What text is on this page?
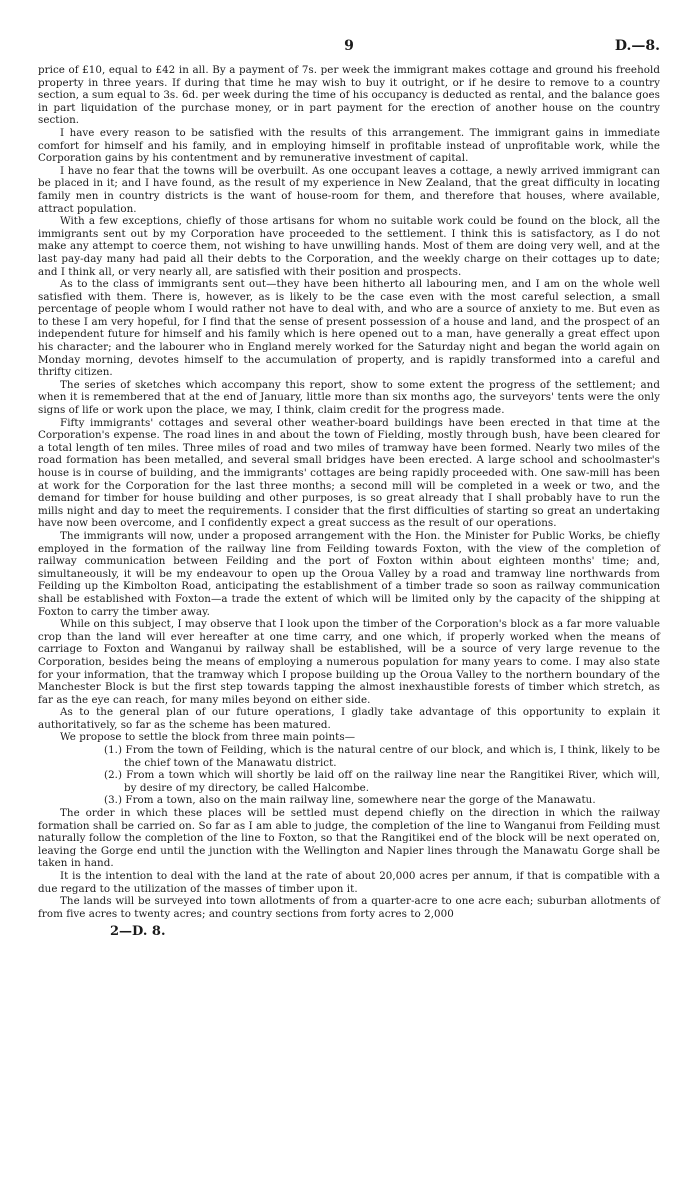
9	D.—8.

price of £10, equal to £42 in all. By a payment of 7s. per week the immigrant makes cottage and ground his freehold property in three years. If during that time he may wish to buy it outright, or if he desire to remove to a country section, a sum equal to 3s. 6d. per week during the time of his occupancy is deducted as rental, and the balance goes in part liquidation of the purchase money, or in part payment for the erection of another house on the country section.

I have every reason to be satisfied with the results of this arrangement. The immigrant gains in immediate comfort for himself and his family, and in employing himself in profitable instead of unprofitable work, while the Corporation gains by his contentment and by remunerative investment of capital.

I have no fear that the towns will be overbuilt. As one occupant leaves a cottage, a newly arrived immigrant can be placed in it; and I have found, as the result of my experience in New Zealand, that the great difficulty in locating family men in country districts is the want of house-room for them, and therefore that houses, where available, attract population.

With a few exceptions, chiefly of those artisans for whom no suitable work could be found on the block, all the immigrants sent out by my Corporation have proceeded to the settlement. I think this is satisfactory, as I do not make any attempt to coerce them, not wishing to have unwilling hands. Most of them are doing very well, and at the last pay-day many had paid all their debts to the Corporation, and the weekly charge on their cottages up to date; and I think all, or very nearly all, are satisfied with their position and prospects.

As to the class of immigrants sent out—they have been hitherto all labouring men, and I am on the whole well satisfied with them. There is, however, as is likely to be the case even with the most careful selection, a small percentage of people whom I would rather not have to deal with, and who are a source of anxiety to me. But even as to these I am very hopeful, for I find that the sense of present possession of a house and land, and the prospect of an independent future for himself and his family which is here opened out to a man, have generally a great effect upon his character; and the labourer who in England merely worked for the Saturday night and began the world again on Monday morning, devotes himself to the accumulation of property, and is rapidly transformed into a careful and thrifty citizen.

The series of sketches which accompany this report, show to some extent the progress of the settlement; and when it is remembered that at the end of January, little more than six months ago, the surveyors' tents were the only signs of life or work upon the place, we may, I think, claim credit for the progress made.

Fifty immigrants' cottages and several other weather-board buildings have been erected in that time at the Corporation's expense. The road lines in and about the town of Fielding, mostly through bush, have been cleared for a total length of ten miles. Three miles of road and two miles of tramway have been formed. Nearly two miles of the road formation has been metalled, and several small bridges have been erected. A large school and schoolmaster's house is in course of building, and the immigrants' cottages are being rapidly proceeded with. One saw-mill has been at work for the Corporation for the last three months; a second mill will be completed in a week or two, and the demand for timber for house building and other purposes, is so great already that I shall probably have to run the mills night and day to meet the requirements. I consider that the first difficulties of starting so great an undertaking have now been overcome, and I confidently expect a great success as the result of our operations.

The immigrants will now, under a proposed arrangement with the Hon. the Minister for Public Works, be chiefly employed in the formation of the railway line from Feilding towards Foxton, with the view of the completion of railway communication between Feilding and the port of Foxton within about eighteen months' time; and, simultaneously, it will be my endeavour to open up the Oroua Valley by a road and tramway line northwards from Feilding up the Kimbolton Road, anticipating the establishment of a timber trade so soon as railway communication shall be established with Foxton—a trade the extent of which will be limited only by the capacity of the shipping at Foxton to carry the timber away.

While on this subject, I may observe that I look upon the timber of the Corporation's block as a far more valuable crop than the land will ever hereafter at one time carry, and one which, if properly worked when the means of carriage to Foxton and Wanganui by railway shall be established, will be a source of very large revenue to the Corporation, besides being the means of employing a numerous population for many years to come. I may also state for your information, that the tramway which I propose building up the Oroua Valley to the northern boundary of the Manchester Block is but the first step towards tapping the almost inexhaustible forests of timber which stretch, as far as the eye can reach, for many miles beyond on either side.

As to the general plan of our future operations, I gladly take advantage of this opportunity to explain it authoritatively, so far as the scheme has been matured.

We propose to settle the block from three main points—

(1.) From the town of Feilding, which is the natural centre of our block, and which is, I think, likely to be the chief town of the Manawatu district.
(2.) From a town which will shortly be laid off on the railway line near the Rangitikei River, which will, by desire of my directory, be called Halcombe.
(3.) From a town, also on the main railway line, somewhere near the gorge of the Manawatu.

The order in which these places will be settled must depend chiefly on the direction in which the railway formation shall be carried on. So far as I am able to judge, the completion of the line to Wanganui from Feilding must naturally follow the completion of the line to Foxton, so that the Rangitikei end of the block will be next operated on, leaving the Gorge end until the junction with the Wellington and Napier lines through the Manawatu Gorge shall be taken in hand.

It is the intention to deal with the land at the rate of about 20,000 acres per annum, if that is compatible with a due regard to the utilization of the masses of timber upon it.

The lands will be surveyed into town allotments of from a quarter-acre to one acre each; suburban allotments of from five acres to twenty acres; and country sections from forty acres to 2,000

2—D. 8.
